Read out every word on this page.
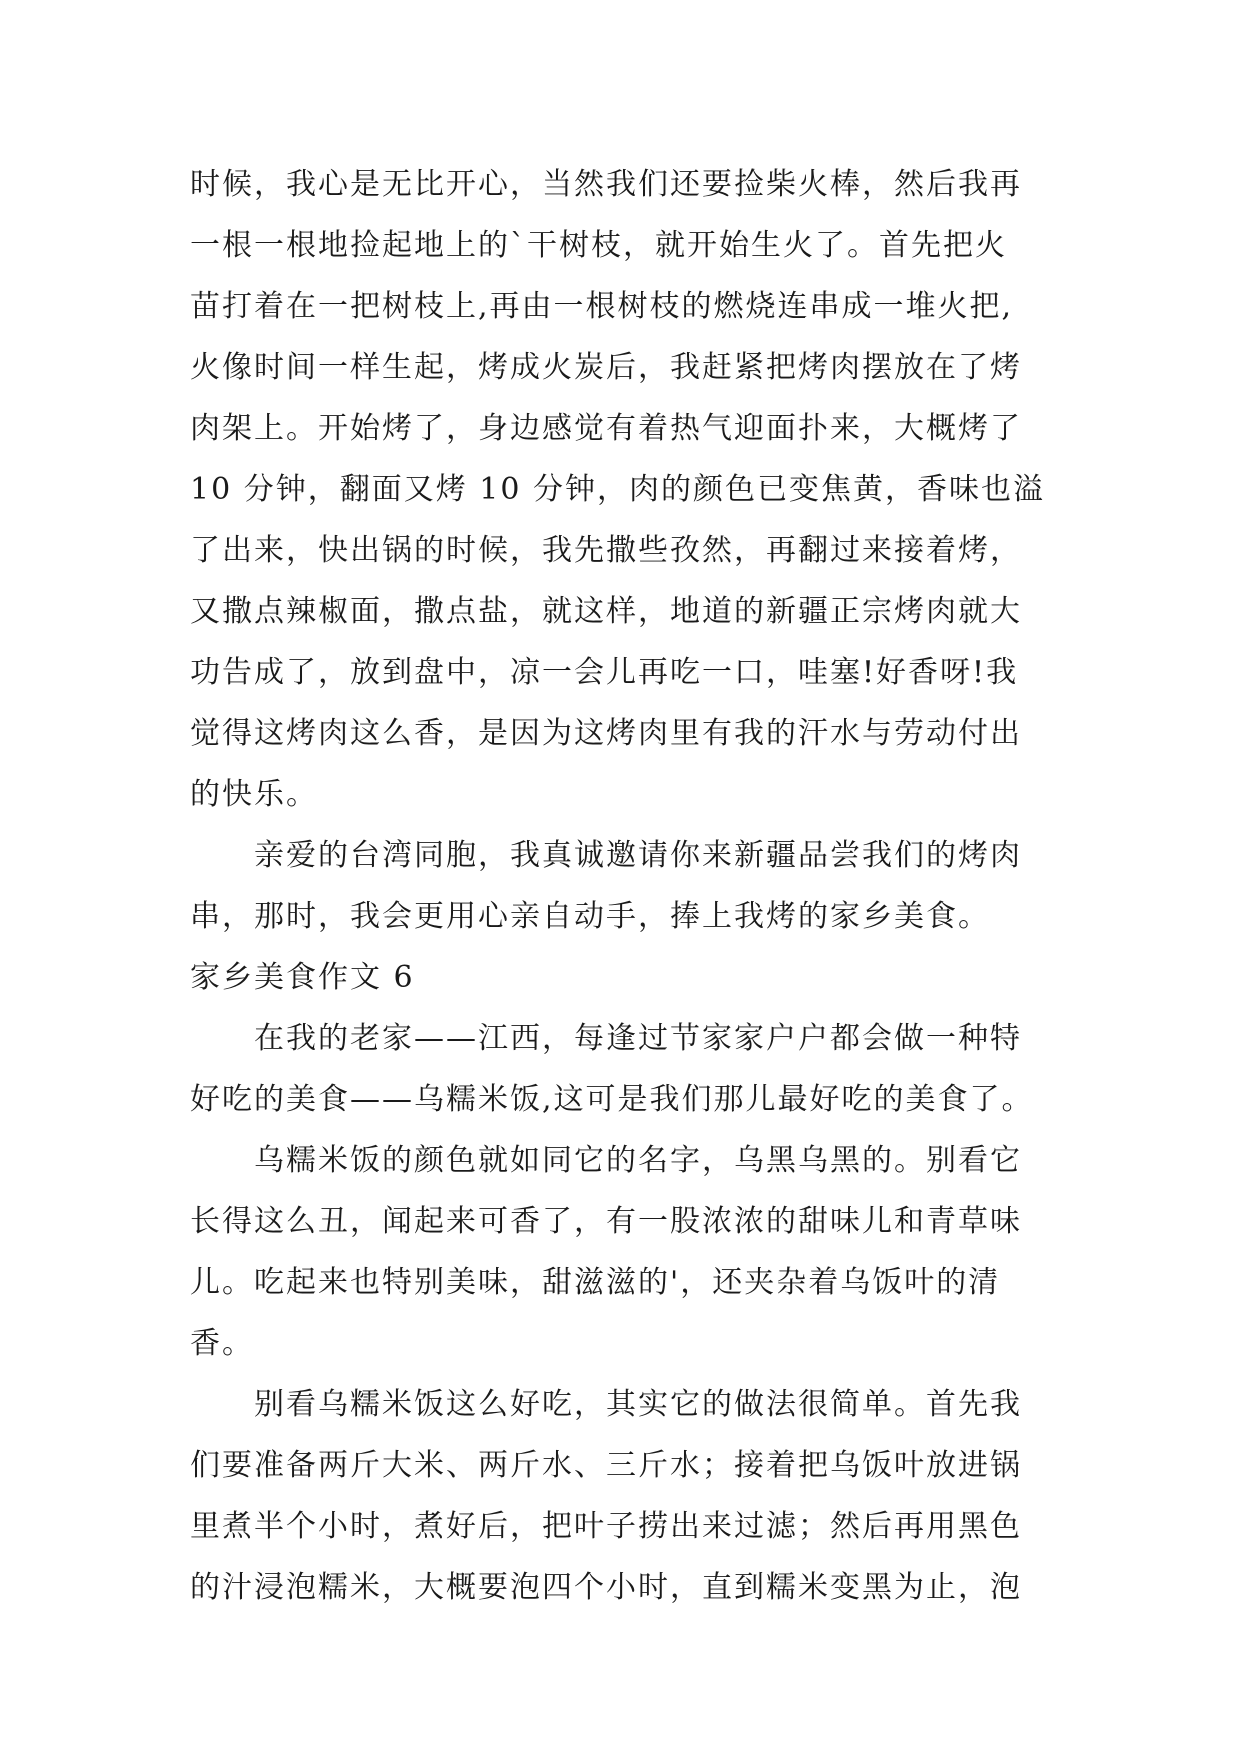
时候，我心是无比开心，当然我们还要捡柴火棒，然后我再
一根一根地捡起地上的`干树枝，就开始生火了。首先把火
苗打着在一把树枝上,再由一根树枝的燃烧连串成一堆火把,
火像时间一样生起，烤成火炭后，我赶紧把烤肉摆放在了烤
肉架上。开始烤了，身边感觉有着热气迎面扑来，大概烤了
10 分钟，翻面又烤 10 分钟，肉的颜色已变焦黄，香味也溢
了出来，快出锅的时候，我先撒些孜然，再翻过来接着烤，
又撒点辣椒面，撒点盐，就这样，地道的新疆正宗烤肉就大
功告成了，放到盘中，凉一会儿再吃一口，哇塞!好香呀!我
觉得这烤肉这么香，是因为这烤肉里有我的汗水与劳动付出
的快乐。
亲爱的台湾同胞，我真诚邀请你来新疆品尝我们的烤肉
串，那时，我会更用心亲自动手，捧上我烤的家乡美食。
家乡美食作文 6
在我的老家——江西，每逢过节家家户户都会做一种特
好吃的美食——乌糯米饭,这可是我们那儿最好吃的美食了。
乌糯米饭的颜色就如同它的名字，乌黑乌黑的。别看它
长得这么丑，闻起来可香了，有一股浓浓的甜味儿和青草味
儿。吃起来也特别美味，甜滋滋的'，还夹杂着乌饭叶的清
香。
别看乌糯米饭这么好吃，其实它的做法很简单。首先我
们要准备两斤大米、两斤水、三斤水；接着把乌饭叶放进锅
里煮半个小时，煮好后，把叶子捞出来过滤；然后再用黑色
的汁浸泡糯米，大概要泡四个小时，直到糯米变黑为止，泡
